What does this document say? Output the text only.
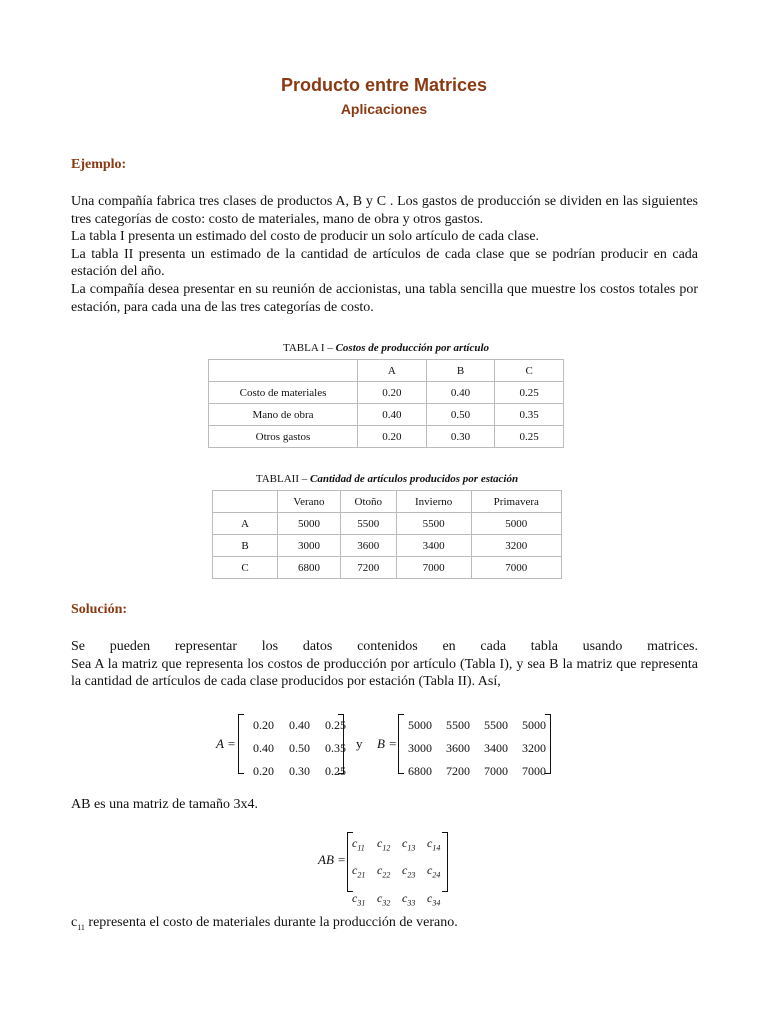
Producto entre Matrices
Aplicaciones
Ejemplo:

Una compañía fabrica tres clases de productos A, B y C . Los gastos de producción se dividen en las siguientes tres categorías de costo: costo de materiales, mano de obra y otros gastos.

La tabla I presenta un estimado del costo de producir un solo artículo de cada clase.

La tabla II presenta un estimado de la cantidad de artículos de cada clase que se podrían producir en cada estación del año.

La compañía desea presentar en su reunión de accionistas, una tabla sencilla que muestre los costos totales por estación, para cada una de las tres categorías de costo.

TABLA I – Costos de producción por artículo
	A	B	C
Costo de materiales	0.20	0.40	0.25
Mano de obra	0.40	0.50	0.35
Otros gastos	0.20	0.30	0.25
TABLAII – Cantidad de artículos producidos por estación
	Verano	Otoño	Invierno	Primavera
A	5000	5500	5500	5000
B	3000	3600	3400	3200
C	6800	7200	7000	7000
Solución:

Se pueden representar los datos contenidos en cada tabla usando matrices.

Sea A la matriz que representa los costos de producción por artículo (Tabla I), y sea B la matriz que representa la cantidad de artículos de cada clase producidos por estación (Tabla II). Así,

A =
0.20	0.40	0.25
0.40	0.50	0.35
0.20	0.30	0.25
y B =
5000	5500	5500	5000
3000	3600	3400	3200
6800	7200	7000	7000
AB es una matriz de tamaño 3x4.
AB =
$c_{11}$	$c_{12}$ $c_{13}$ $c_{14}$
$c_{21}$ $c_{22}$ $c_{23}$ $c_{24}$
$c_{31}$ $c_{32}$ $c_{33}$ $c_{34}$
$c_{11}$ representa el costo de materiales durante la producción de verano.
